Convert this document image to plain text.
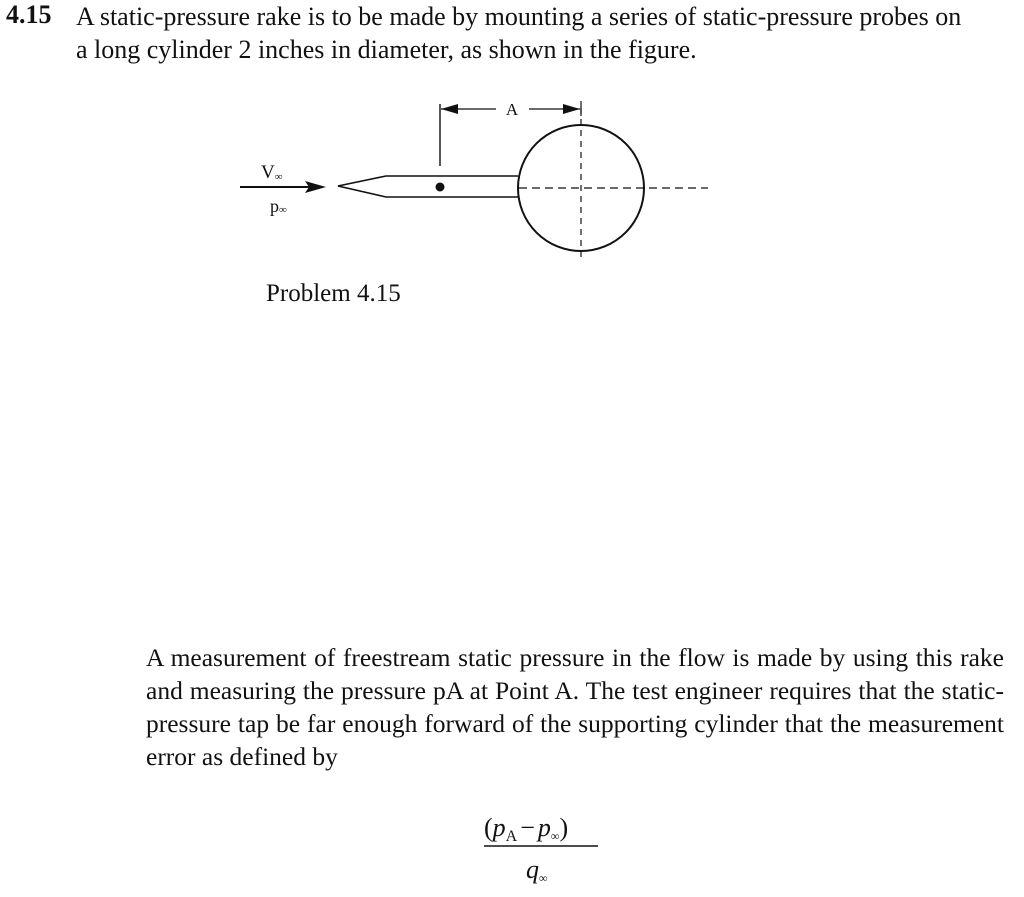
4.15 A static-pressure rake is to be made by mounting a series of static-pressure probes on a long cylinder 2 inches in diameter, as shown in the figure.

V∞
p∞
A
Problem 4.15

A measurement of freestream static pressure in the flow is made by using this rake and measuring the pressure pA at Point A. The test engineer requires that the static-pressure tap be far enough forward of the supporting cylinder that the measurement error as defined by

(pA − p∞)
q∞
